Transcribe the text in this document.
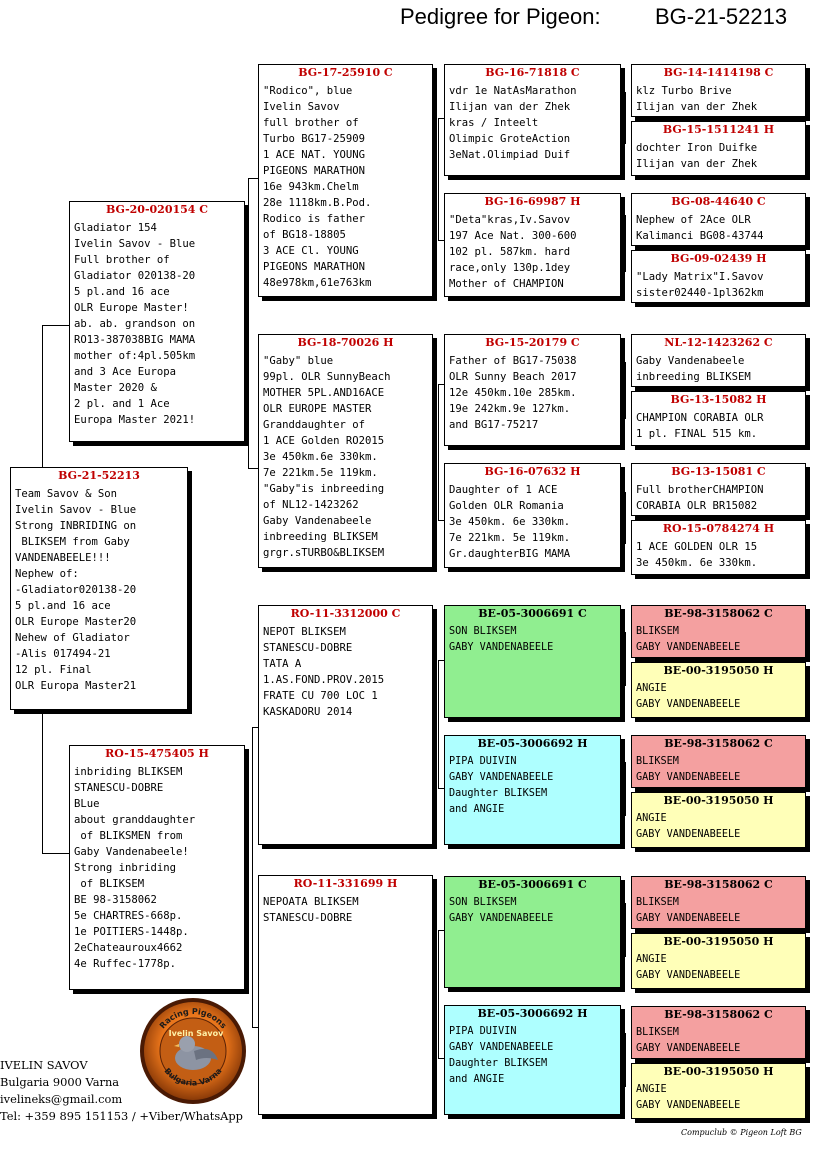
Pedigree for Pigeon: BG-21-52213
BG-21-52213
Team Savov & Son
Ivelin Savov - Blue
Strong INBRIDING on
BLIKSEM from Gaby
VANDENABEELE!!!
Nephew of:
-Gladiator020138-20
5 pl.and 16 ace
OLR Europe Master20
Nehew of Gladiator
-Alis 017494-21
12 pl. Final
OLR Europa Master21
BG-20-020154 C
Gladiator 154
Ivelin Savov - Blue
Full brother of
Gladiator 020138-20
5 pl.and 16 ace
OLR Europe Master!
ab. ab. grandson on
RO13-387038BIG MAMA
mother of:4pl.505km
and 3 Ace Europa
Master 2020 &
2 pl. and 1 Ace
Europa Master 2021!
RO-15-475405 H
inbriding BLIKSEM
STANESCU-DOBRE
BLue
about granddaughter
of BLIKSMEN from
Gaby Vandenabeele!
Strong inbriding
of BLIKSEM
BE 98-3158062
5e CHARTRES-668p.
1e POITIERS-1448p.
2eChateauroux4662
4e Ruffec-1778p.
BG-17-25910 C
"Rodico", blue
Ivelin Savov
full brother of
Turbo BG17-25909
1 ACE NAT. YOUNG
PIGEONS MARATHON
16e 943km.Chelm
28e 1118km.B.Pod.
Rodico is father
of BG18-18805
3 ACE Cl. YOUNG
PIGEONS MARATHON
48e978km,61e763km
BG-18-70026 H
"Gaby" blue
99pl. OLR SunnyBeach
MOTHER 5PL.AND16ACE
OLR EUROPE MASTER
Granddaughter of
1 ACE Golden RO2015
3e 450km.6e 330km.
7e 221km.5e 119km.
"Gaby"is inbreeding
of NL12-1423262
Gaby Vandenabeele
inbreeding BLIKSEM
grgr.sTURBO&BLIKSEM
RO-11-3312000 C
NEPOT BLIKSEM
STANESCU-DOBRE
TATA A
1.AS.FOND.PROV.2015
FRATE CU 700 LOC 1
KASKADORU 2014
RO-11-331699 H
NEPOATA BLIKSEM
STANESCU-DOBRE
BG-16-71818 C
vdr 1e NatAsMarathon
Ilijan van der Zhek
kras / Inteelt
Olimpic GroteAction
3eNat.Olimpiad Duif
BG-16-69987 H
"Deta"kras,Iv.Savov
197 Ace Nat. 300-600
102 pl. 587km. hard
race,only 130p.1dey
Mother of CHAMPION
BG-15-20179 C
Father of BG17-75038
OLR Sunny Beach 2017
12e 450km.10e 285km.
19e 242km.9e 127km.
and BG17-75217
BG-16-07632 H
Daughter of 1 ACE
Golden OLR Romania
3e 450km. 6e 330km.
7e 221km. 5e 119km.
Gr.daughterBIG MAMA
BE-05-3006691 C
SON BLIKSEM
GABY VANDENABEELE
BE-05-3006692 H
PIPA DUIVIN
GABY VANDENABEELE
Daughter BLIKSEM
and ANGIE
BE-05-3006691 C
SON BLIKSEM
GABY VANDENABEELE
BE-05-3006692 H
PIPA DUIVIN
GABY VANDENABEELE
Daughter BLIKSEM
and ANGIE
BG-14-1414198 C
klz Turbo Brive
Ilijan van der Zhek
BG-15-1511241 H
dochter Iron Duifke
Ilijan van der Zhek
BG-08-44640 C
Nephew of 2Ace OLR
Kalimanci BG08-43744
BG-09-02439 H
"Lady Matrix"I.Savov
sister02440-1pl362km
NL-12-1423262 C
Gaby Vandenabeele
inbreeding BLIKSEM
BG-13-15082 H
CHAMPION CORABIA OLR
1 pl. FINAL 515 km.
BG-13-15081 C
Full brotherCHAMPION
CORABIA OLR BR15082
RO-15-0784274 H
1 ACE GOLDEN OLR 15
3e 450km. 6e 330km.
BE-98-3158062 C
BLIKSEM
GABY VANDENABEELE
BE-00-3195050 H
ANGIE
GABY VANDENABEELE
BE-98-3158062 C
BLIKSEM
GABY VANDENABEELE
BE-00-3195050 H
ANGIE
GABY VANDENABEELE
BE-98-3158062 C
BLIKSEM
GABY VANDENABEELE
BE-00-3195050 H
ANGIE
GABY VANDENABEELE
BE-98-3158062 C
BLIKSEM
GABY VANDENABEELE
BE-00-3195050 H
ANGIE
GABY VANDENABEELE
Racing Pigeons
Ivelin Savov
Bulgaria Varna
IVELIN SAVOV
Bulgaria 9000 Varna
ivelineks@gmail.com
Tel: +359 895 151153 / +Viber/WhatsApp
Compuclub © Pigeon Loft BG
